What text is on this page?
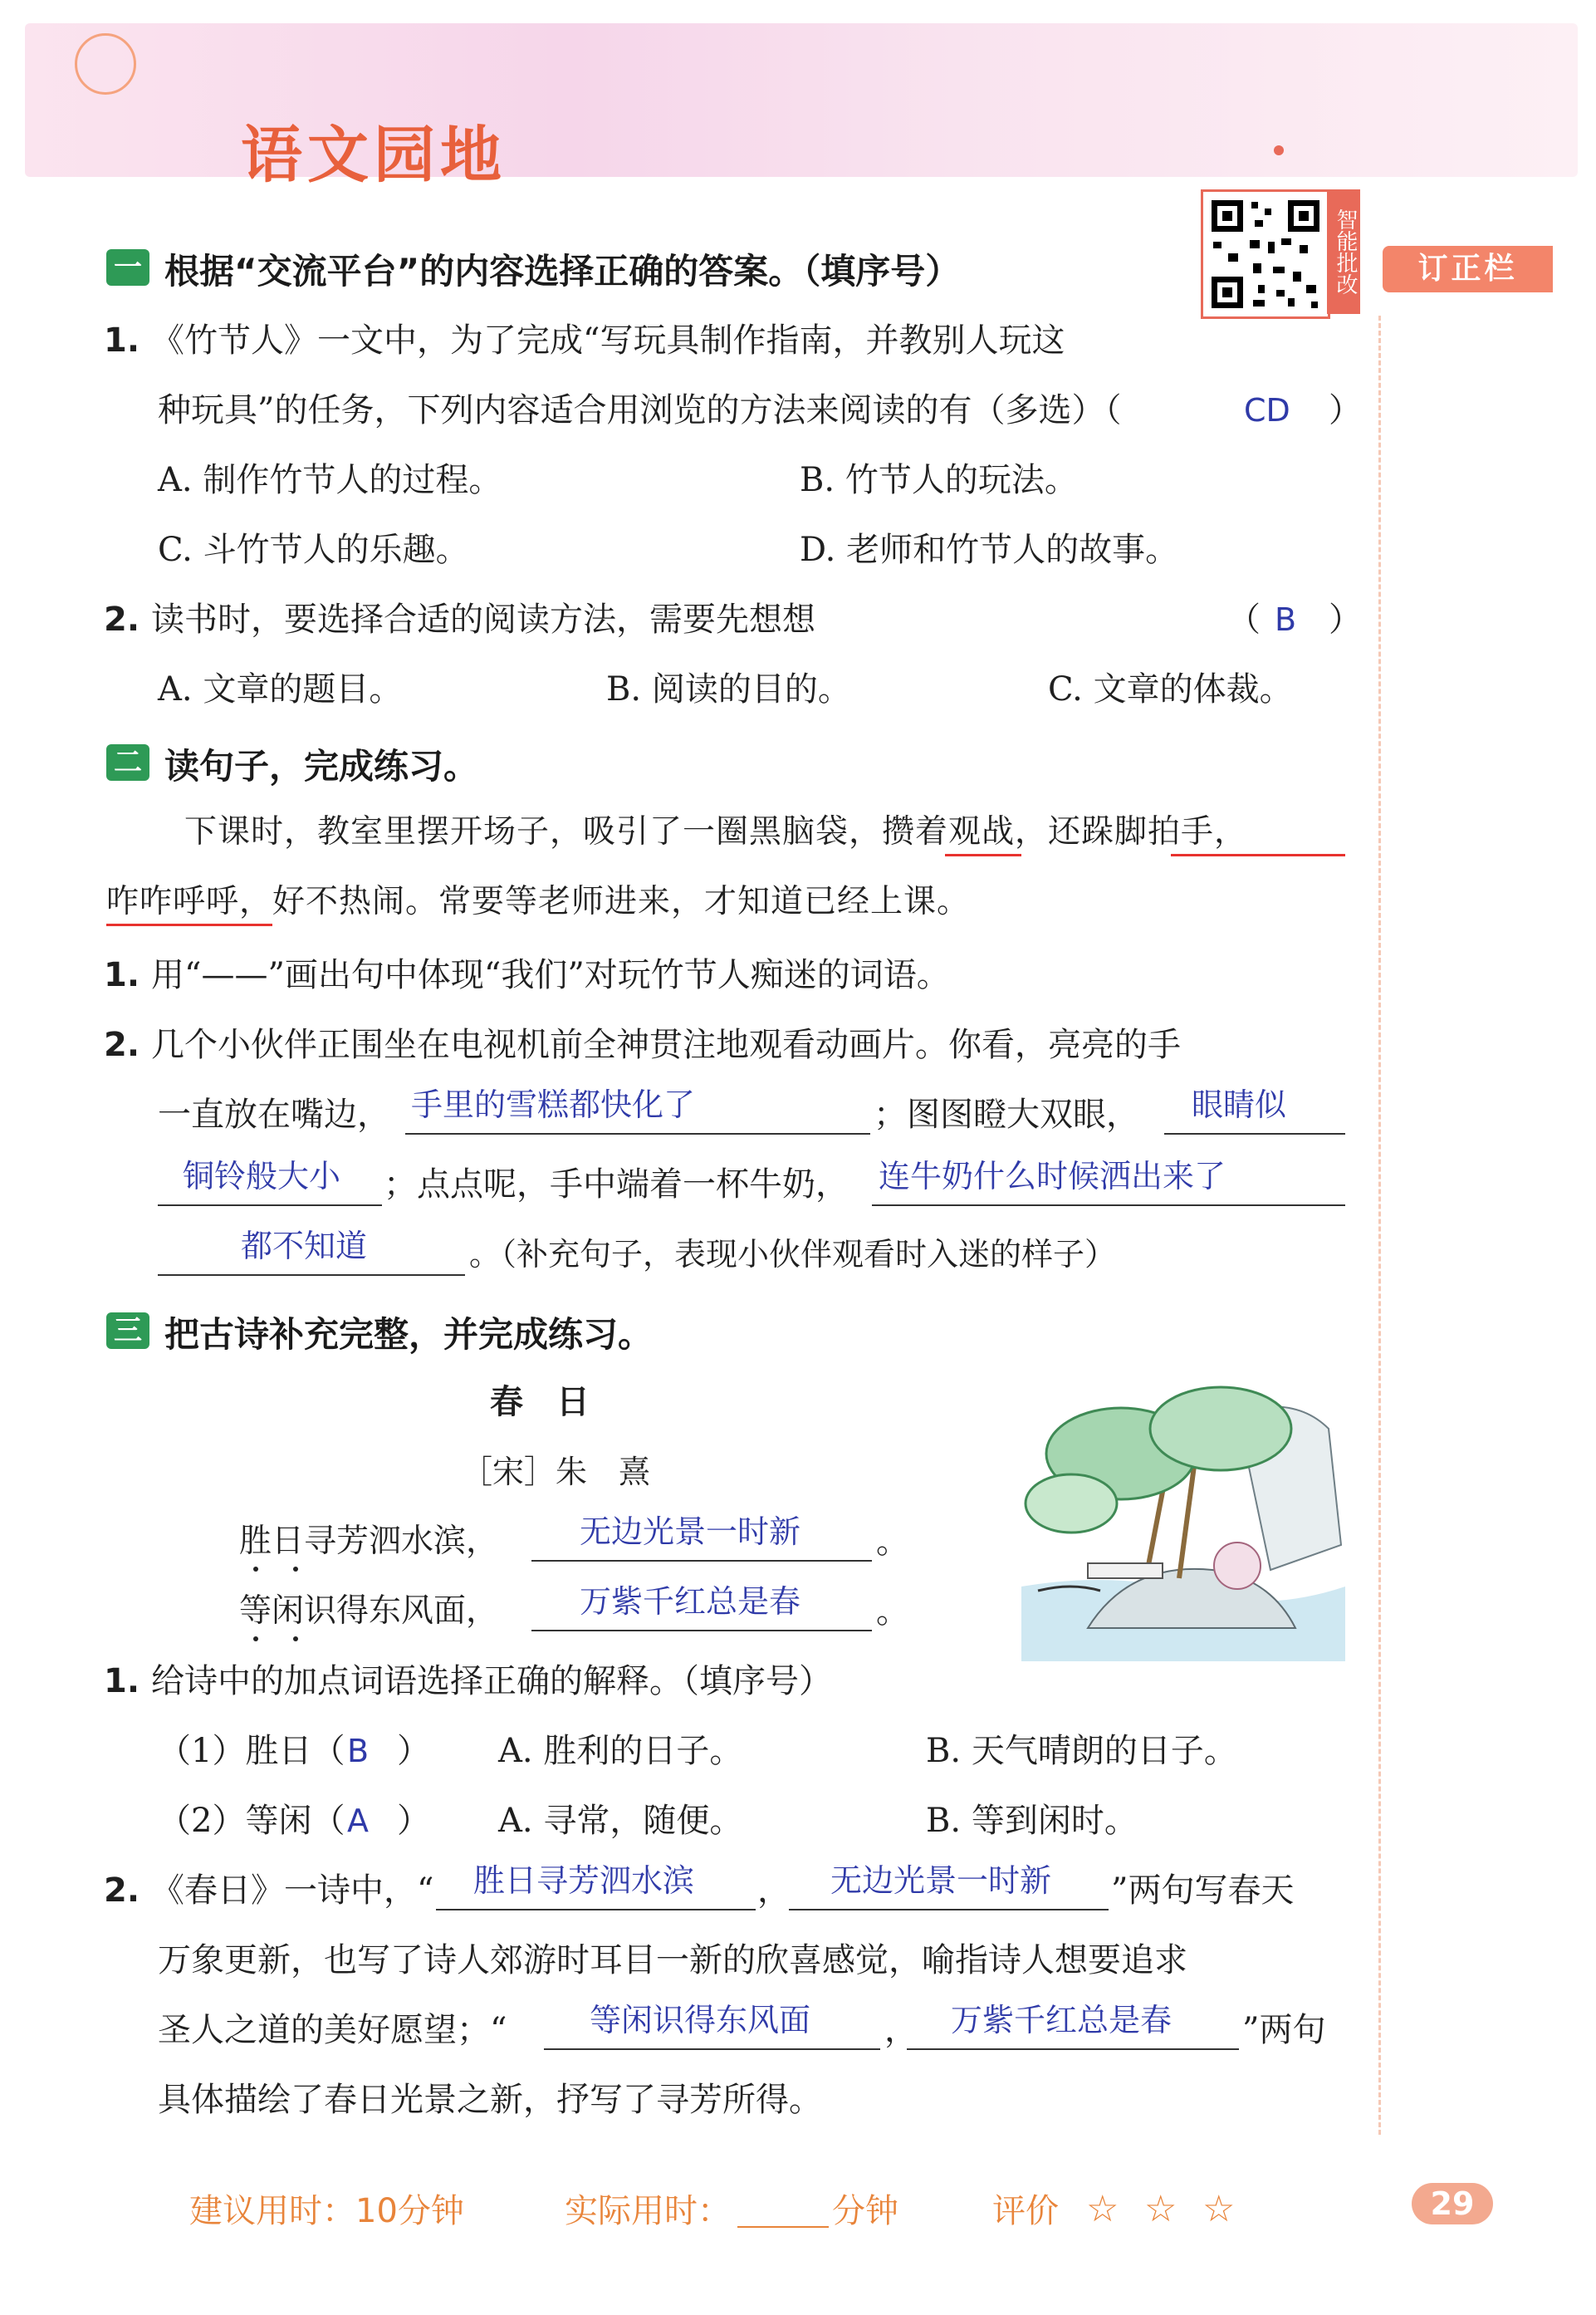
语文园地
智能批改	订正栏
一 根据“交流平台”的内容选择正确的答案。（填序号）
1. 《竹节人》一文中，为了完成“写玩具制作指南，并教别人玩这
种玩具”的任务，下列内容适合用浏览的方法来阅读的有（多选）（	CD ）
A. 制作竹节人的过程。	B. 竹节人的玩法。
C. 斗竹节人的乐趣。	D. 老师和竹节人的故事。
2. 读书时，要选择合适的阅读方法，需要先想想	（ B ）
A. 文章的题目。	B. 阅读的目的。	C. 文章的体裁。
二 读句子，完成练习。
下课时，教室里摆开场子，吸引了一圈黑脑袋，攒着观战，还跺脚拍手，
咋咋呼呼，好不热闹。常要等老师进来，才知道已经上课。
1. 用“——”画出句中体现“我们”对玩竹节人痴迷的词语。
2. 几个小伙伴正围坐在电视机前全神贯注地观看动画片。你看，亮亮的手
一直放在嘴边， 手里的雪糕都快化了	；图图瞪大双眼， 眼睛似
铜铃般大小 ；点点呢，手中端着一杯牛奶， 连牛奶什么时候洒出来了
都不知道	。（补充句子，表现小伙伴观看时入迷的样子）
三 把古诗补充完整，并完成练习。
春　日
［宋］朱　熹
胜日寻芳泗水滨，	无边光景一时新 。
等闲识得东风面，	万紫千红总是春 。
1. 给诗中的加点词语选择正确的解释。（填序号）
（1）胜日（ B ） A. 胜利的日子。	B. 天气晴朗的日子。
（2）等闲（ A ） A. 寻常，随便。	B. 等到闲时。
2. 《春日》一诗中，“ 胜日寻芳泗水滨 ， 无边光景一时新 ”两句写春天
万象更新，也写了诗人郊游时耳目一新的欣喜感觉，喻指诗人想要追求
圣人之道的美好愿望；“	等闲识得东风面 ， 万紫千红总是春 ”两句
具体描绘了春日光景之新，抒写了寻芳所得。
建议用时：10分钟	实际用时：	分钟	评价 ☆ ☆ ☆	29
